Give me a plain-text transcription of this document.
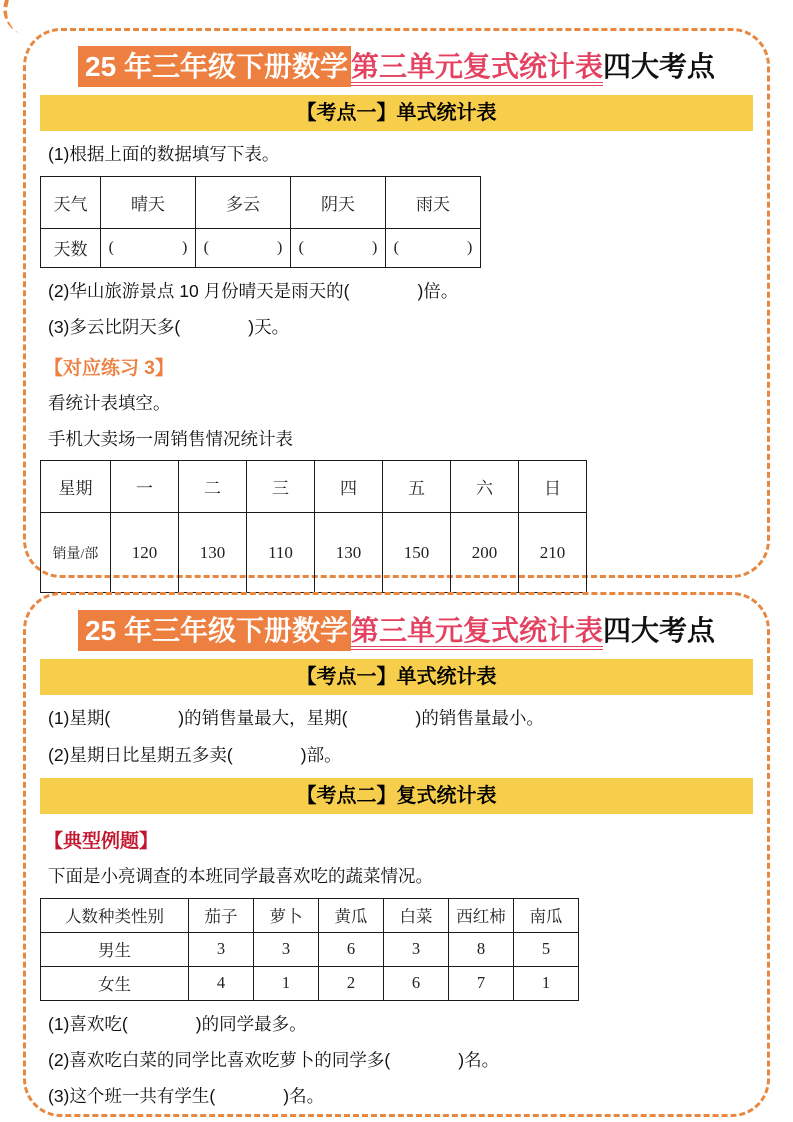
25 年三年级下册数学 第三单元复式统计表四大考点
【考点一】单式统计表
(1)根据上面的数据填写下表。
天气	晴天	多云	阴天	雨天
天数	(                 )	(                 )	(                 )	(                 )
(2)华山旅游景点 10 月份晴天是雨天的(              )倍。
(3)多云比阴天多(              )天。
【对应练习 3】
看统计表填空。
手机大卖场一周销售情况统计表
星期	一	二	三	四	五	六	日
销量/部	120	130	110	130	150	200	210
25 年三年级下册数学 第三单元复式统计表四大考点
【考点一】单式统计表
(1)星期(              )的销售量最大，星期(              )的销售量最小。
(2)星期日比星期五多卖(              )部。
【考点二】复式统计表
【典型例题】
下面是小亮调查的本班同学最喜欢吃的蔬菜情况。
人数种类性别	茄子	萝卜	黄瓜	白菜	西红柿	南瓜
男生	3	3	6	3	8	5
女生	4	1	2	6	7	1
(1)喜欢吃(              )的同学最多。
(2)喜欢吃白菜的同学比喜欢吃萝卜的同学多(              )名。
(3)这个班一共有学生(              )名。
